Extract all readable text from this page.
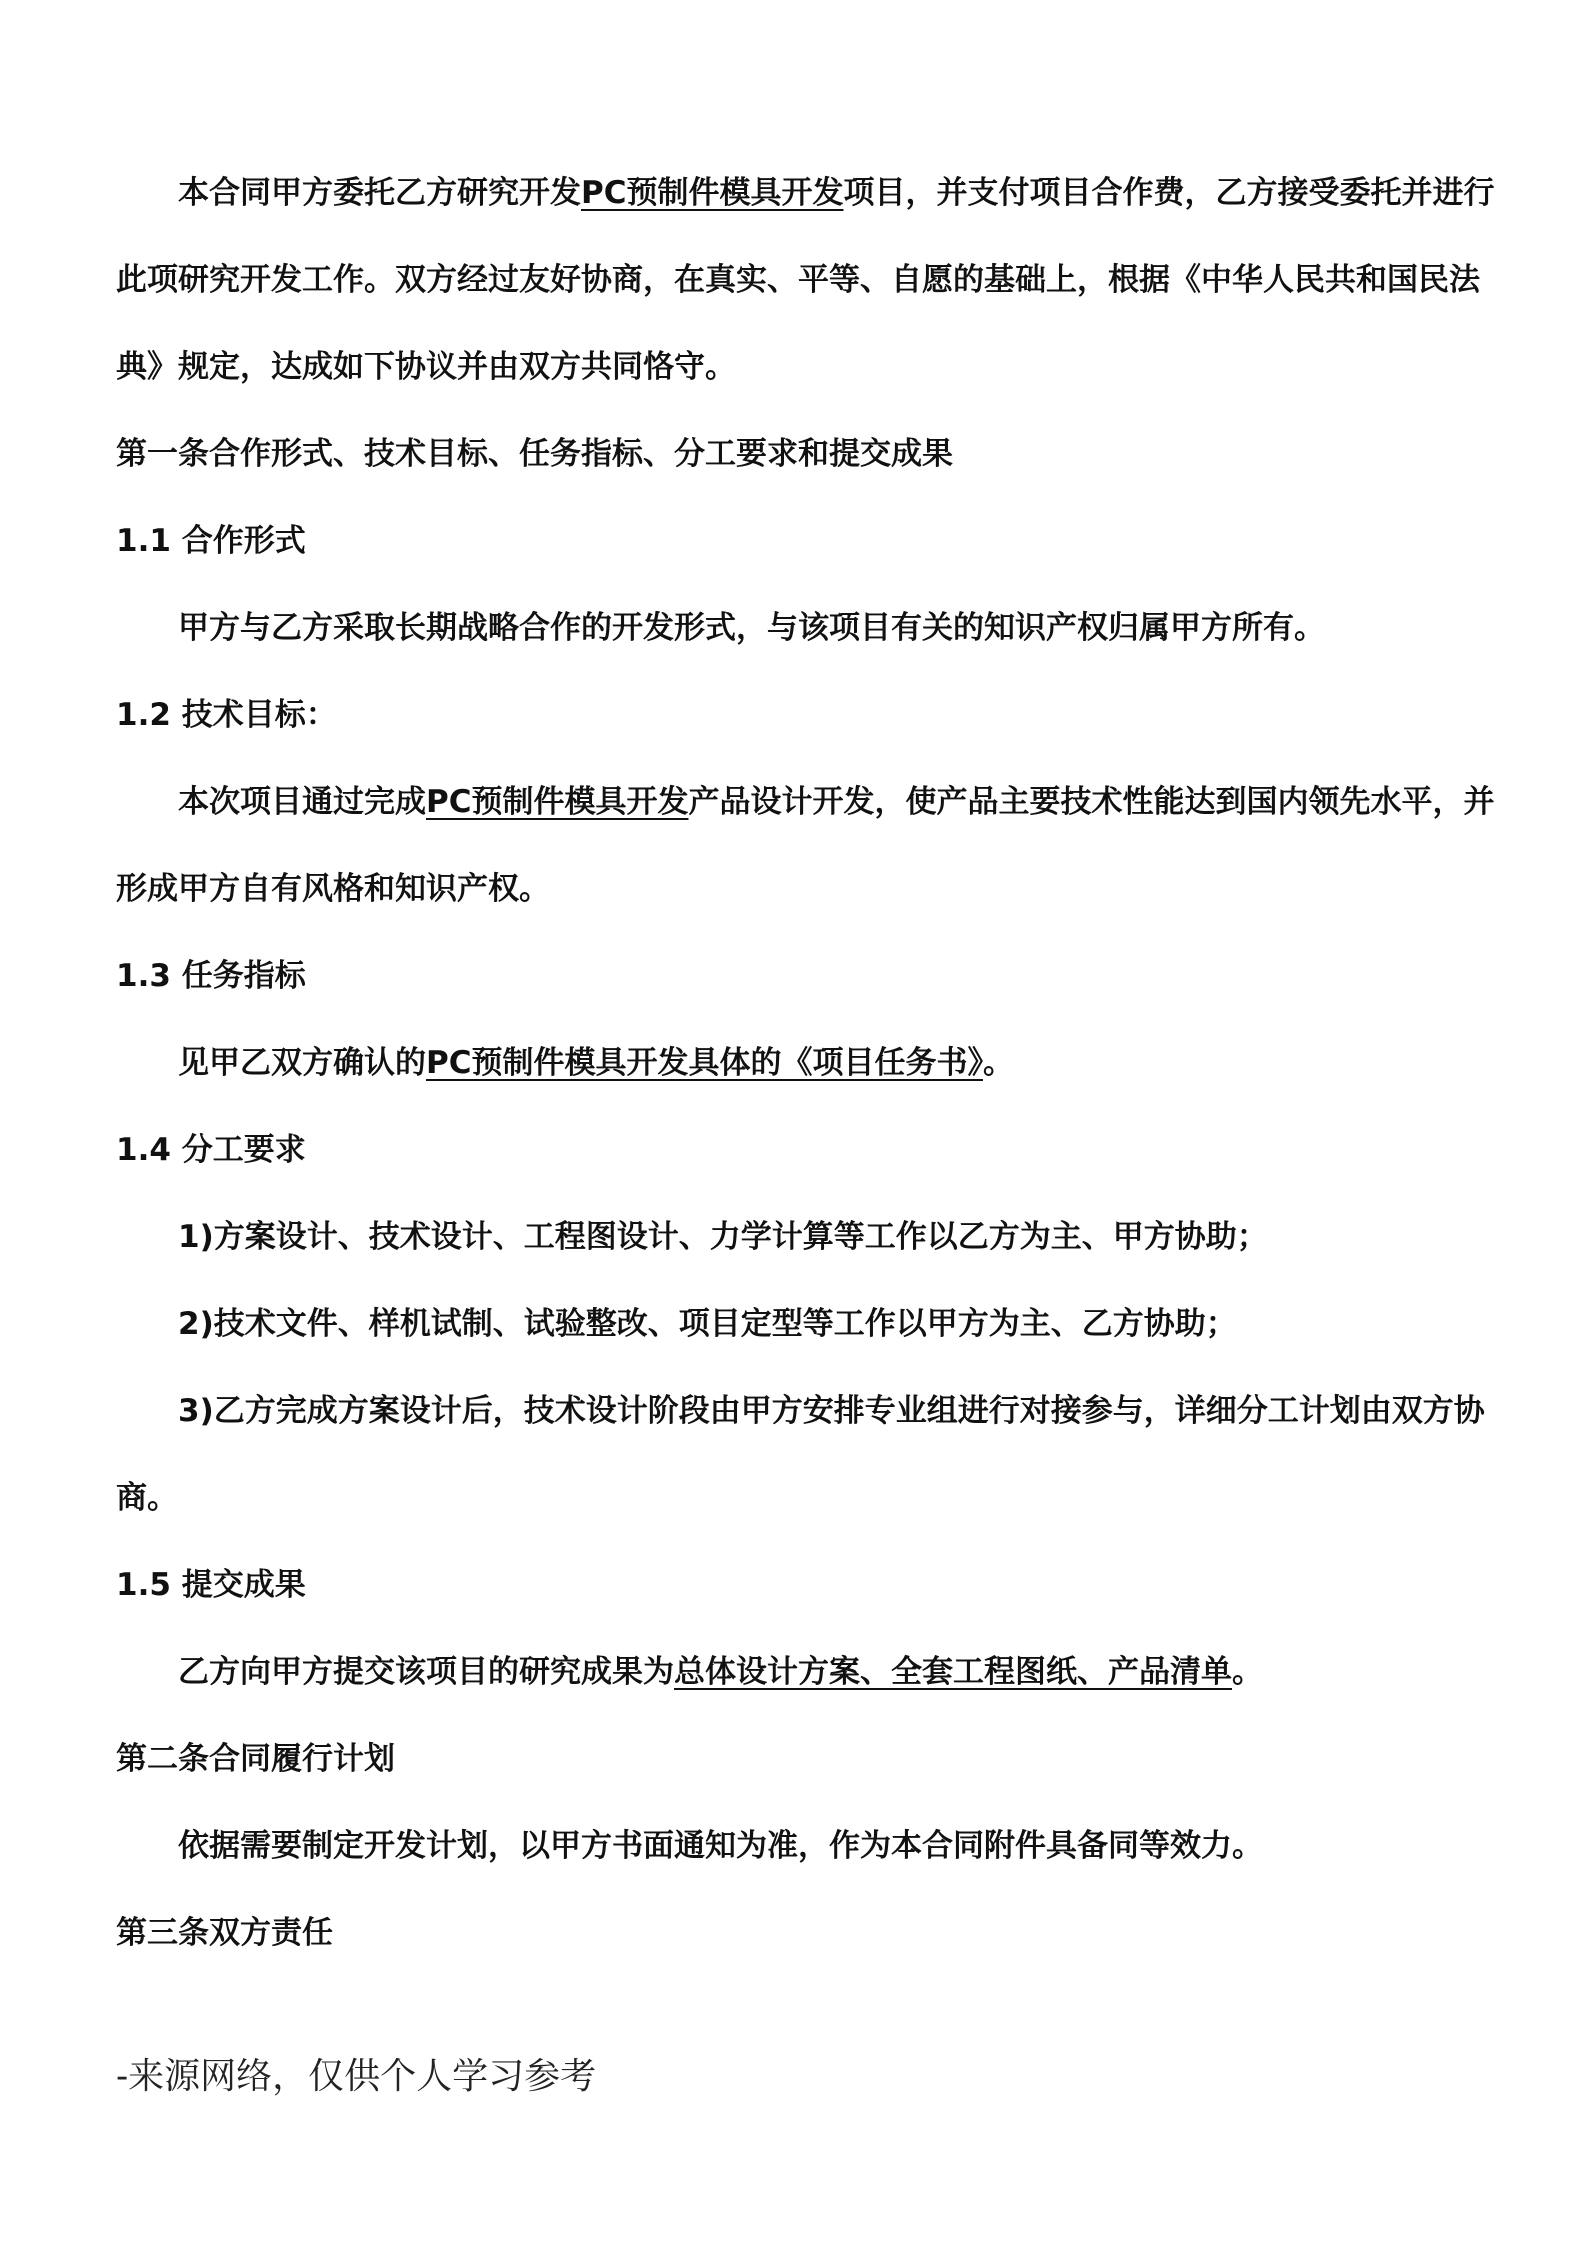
本合同甲方委托乙方研究开发PC预制件模具开发项目，并支付项目合作费，乙方接受委托并进行
此项研究开发工作。双方经过友好协商，在真实、平等、自愿的基础上，根据《中华人民共和国民法
典》规定，达成如下协议并由双方共同恪守。
第一条合作形式、技术目标、任务指标、分工要求和提交成果
1.1 合作形式
甲方与乙方采取长期战略合作的开发形式，与该项目有关的知识产权归属甲方所有。
1.2 技术目标：
本次项目通过完成PC预制件模具开发产品设计开发，使产品主要技术性能达到国内领先水平，并
形成甲方自有风格和知识产权。
1.3 任务指标
见甲乙双方确认的PC预制件模具开发具体的《项目任务书》。
1.4 分工要求
1)方案设计、技术设计、工程图设计、力学计算等工作以乙方为主、甲方协助；
2)技术文件、样机试制、试验整改、项目定型等工作以甲方为主、乙方协助；
3)乙方完成方案设计后，技术设计阶段由甲方安排专业组进行对接参与，详细分工计划由双方协
商。
1.5 提交成果
乙方向甲方提交该项目的研究成果为总体设计方案、全套工程图纸、产品清单。
第二条合同履行计划
依据需要制定开发计划，以甲方书面通知为准，作为本合同附件具备同等效力。
第三条双方责任
-来源网络，仅供个人学习参考
